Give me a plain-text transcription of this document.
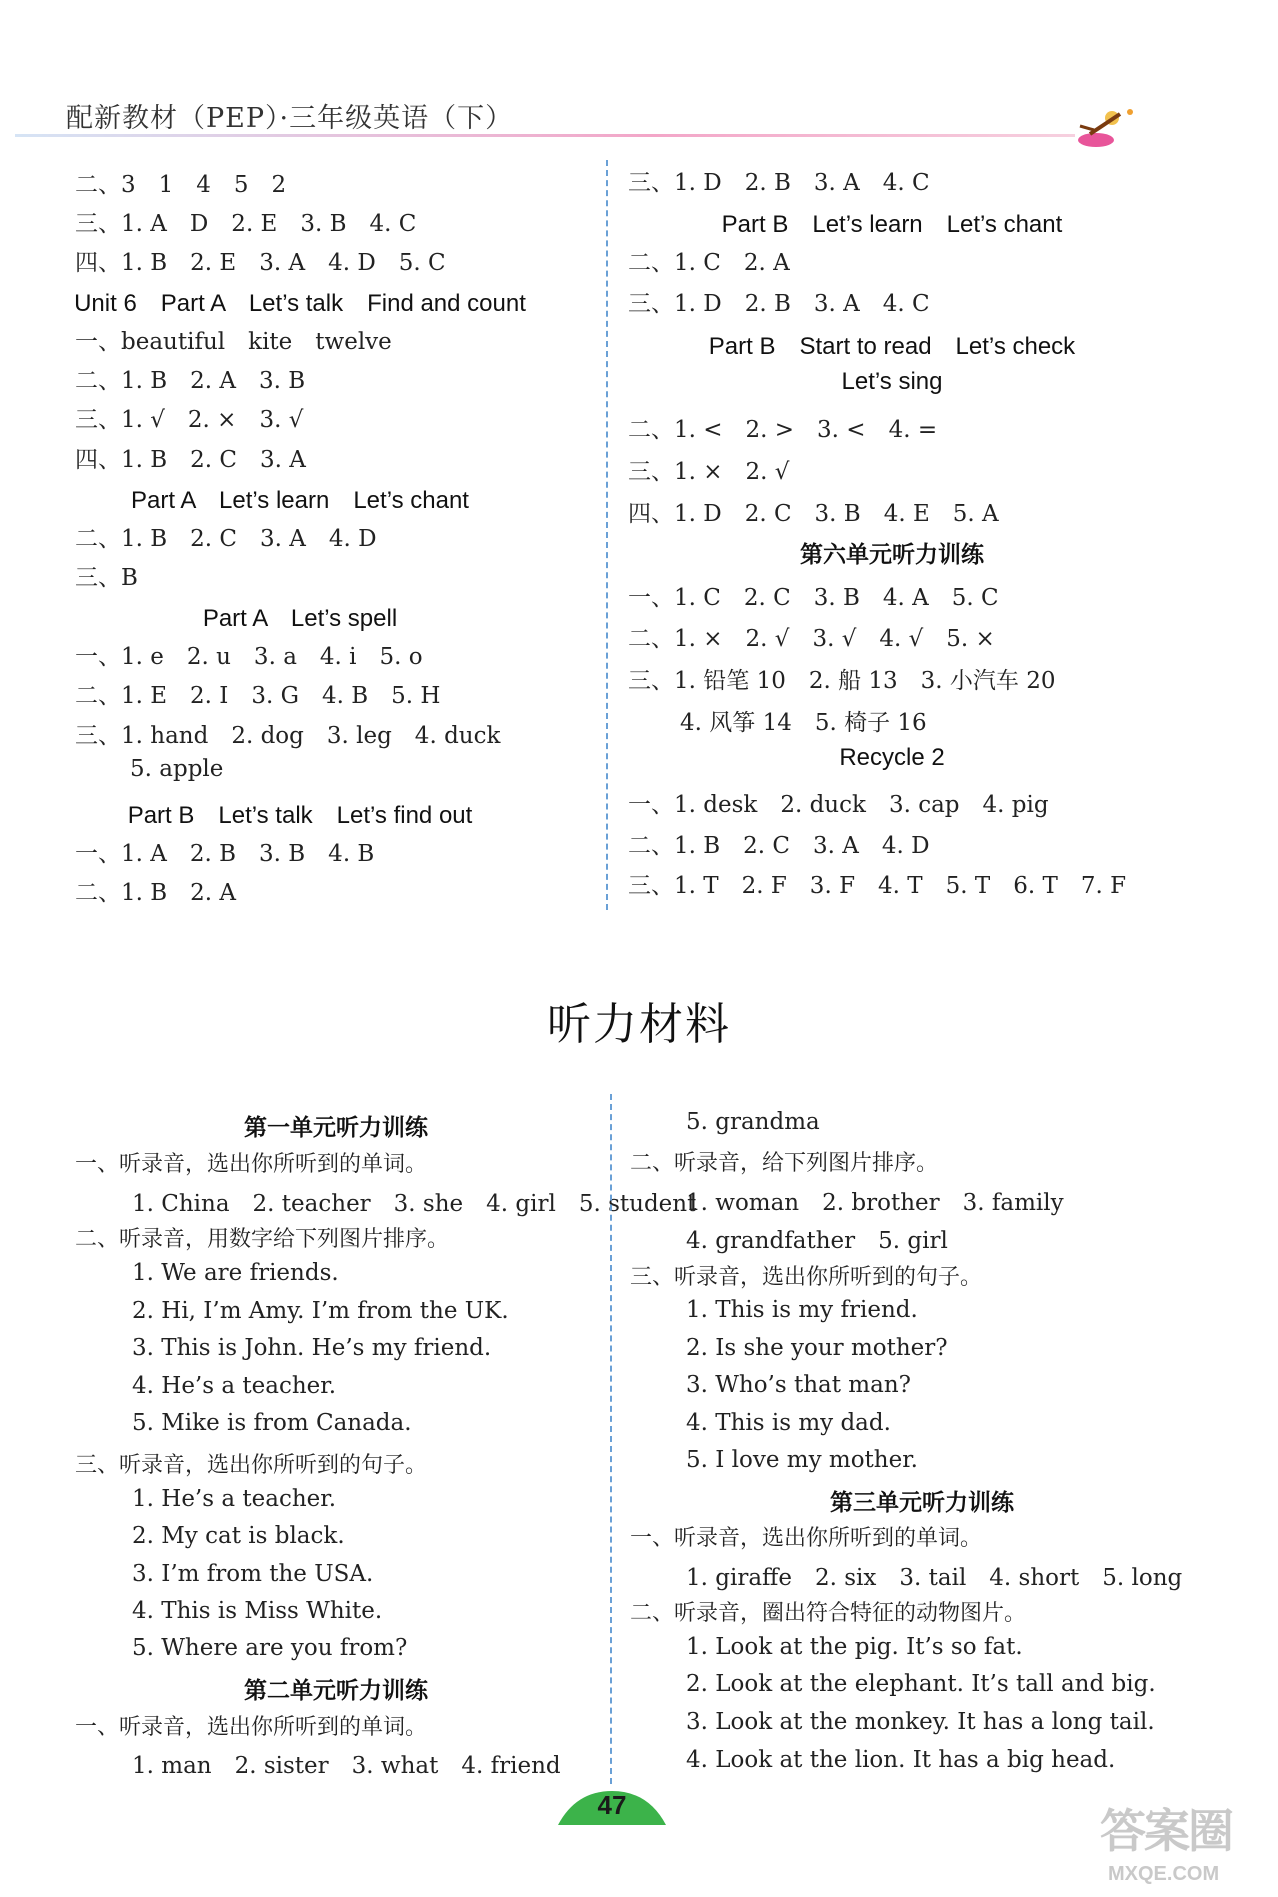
配新教材（PEP）·三年级英语（下）
二、3　1　4　5　2
三、1. A　D　2. E　3. B　4. C
四、1. B　2. E　3. A　4. D　5. C
Unit 6　Part A　Let’s talk　Find and count
一、beautiful　kite　twelve
二、1. B　2. A　3. B
三、1. √　2. ×　3. √
四、1. B　2. C　3. A
Part A　Let’s learn　Let’s chant
二、1. B　2. C　3. A　4. D
三、B
Part A　Let’s spell
一、1. e　2. u　3. a　4. i　5. o
二、1. E　2. I　3. G　4. B　5. H
三、1. hand　2. dog　3. leg　4. duck
5. apple
Part B　Let’s talk　Let’s find out
一、1. A　2. B　3. B　4. B
二、1. B　2. A
三、1. D　2. B　3. A　4. C
Part B　Let’s learn　Let’s chant
二、1. C　2. A
三、1. D　2. B　3. A　4. C
Part B　Start to read　Let’s check
Let’s sing
二、1. <　2. >　3. <　4. =
三、1. ×　2. √
四、1. D　2. C　3. B　4. E　5. A
第六单元听力训练
一、1. C　2. C　3. B　4. A　5. C
二、1. ×　2. √　3. √　4. √　5. ×
三、1. 铅笔 10　2. 船 13　3. 小汽车 20
4. 风筝 14　5. 椅子 16
Recycle 2
一、1. desk　2. duck　3. cap　4. pig
二、1. B　2. C　3. A　4. D
三、1. T　2. F　3. F　4. T　5. T　6. T　7. F
听力材料
第一单元听力训练
一、听录音，选出你所听到的单词。
1. China　2. teacher　3. she　4. girl　5. student
二、听录音，用数字给下列图片排序。
1. We are friends.
2. Hi, I’m Amy. I’m from the UK.
3. This is John. He’s my friend.
4. He’s a teacher.
5. Mike is from Canada.
三、听录音，选出你所听到的句子。
1. He’s a teacher.
2. My cat is black.
3. I’m from the USA.
4. This is Miss White.
5. Where are you from?
第二单元听力训练
一、听录音，选出你所听到的单词。
1. man　2. sister　3. what　4. friend
5. grandma
二、听录音，给下列图片排序。
1. woman　2. brother　3. family
4. grandfather　5. girl
三、听录音，选出你所听到的句子。
1. This is my friend.
2. Is she your mother?
3. Who’s that man?
4. This is my dad.
5. I love my mother.
第三单元听力训练
一、听录音，选出你所听到的单词。
1. giraffe　2. six　3. tail　4. short　5. long
二、听录音，圈出符合特征的动物图片。
1. Look at the pig. It’s so fat.
2. Look at the elephant. It’s tall and big.
3. Look at the monkey. It has a long tail.
4. Look at the lion. It has a big head.
47	答案圈
MXQE.COM
